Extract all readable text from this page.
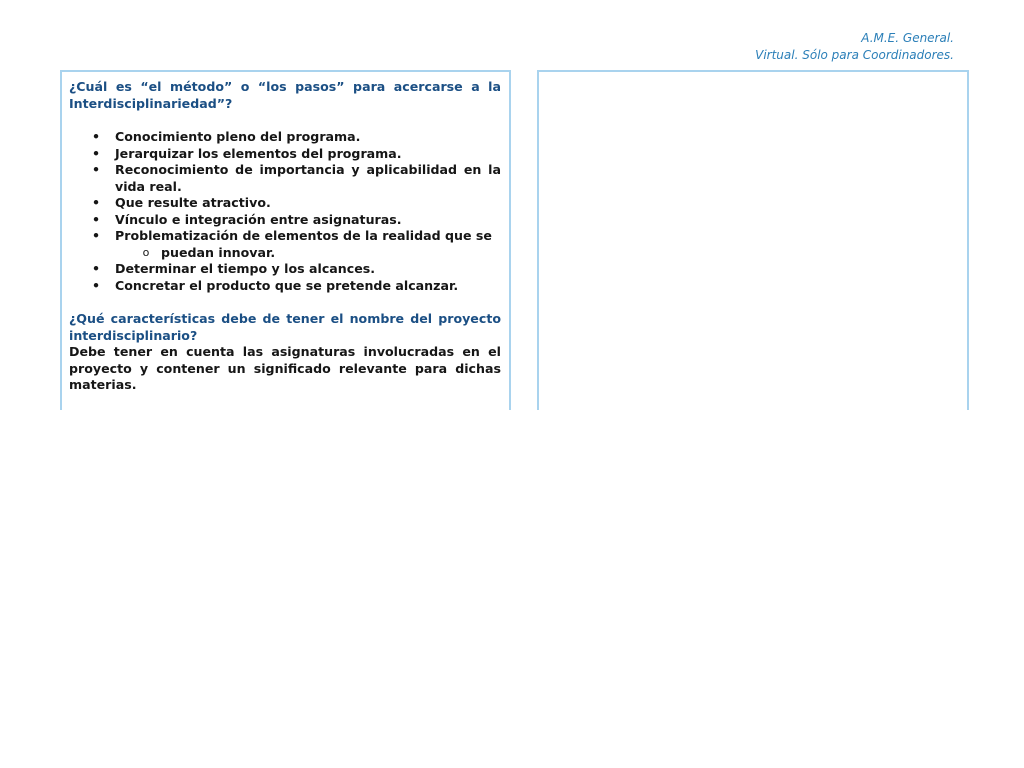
A.M.E. General.
Virtual. Sólo para Coordinadores.

¿Cuál es “el método” o “los pasos” para acercarse a la Interdisciplinariedad”?

• Conocimiento pleno del programa.
• Jerarquizar los elementos del programa.
• Reconocimiento de importancia y aplicabilidad en la vida real.
• Que resulte atractivo.
• Vínculo e integración entre asignaturas.
• Problematización de elementos de la realidad que se
o puedan innovar.
• Determinar el tiempo y los alcances.
• Concretar el producto que se pretende alcanzar.

¿Qué características debe de tener el nombre del proyecto interdisciplinario?

Debe tener en cuenta las asignaturas involucradas en el proyecto y contener un significado relevante para dichas materias.
